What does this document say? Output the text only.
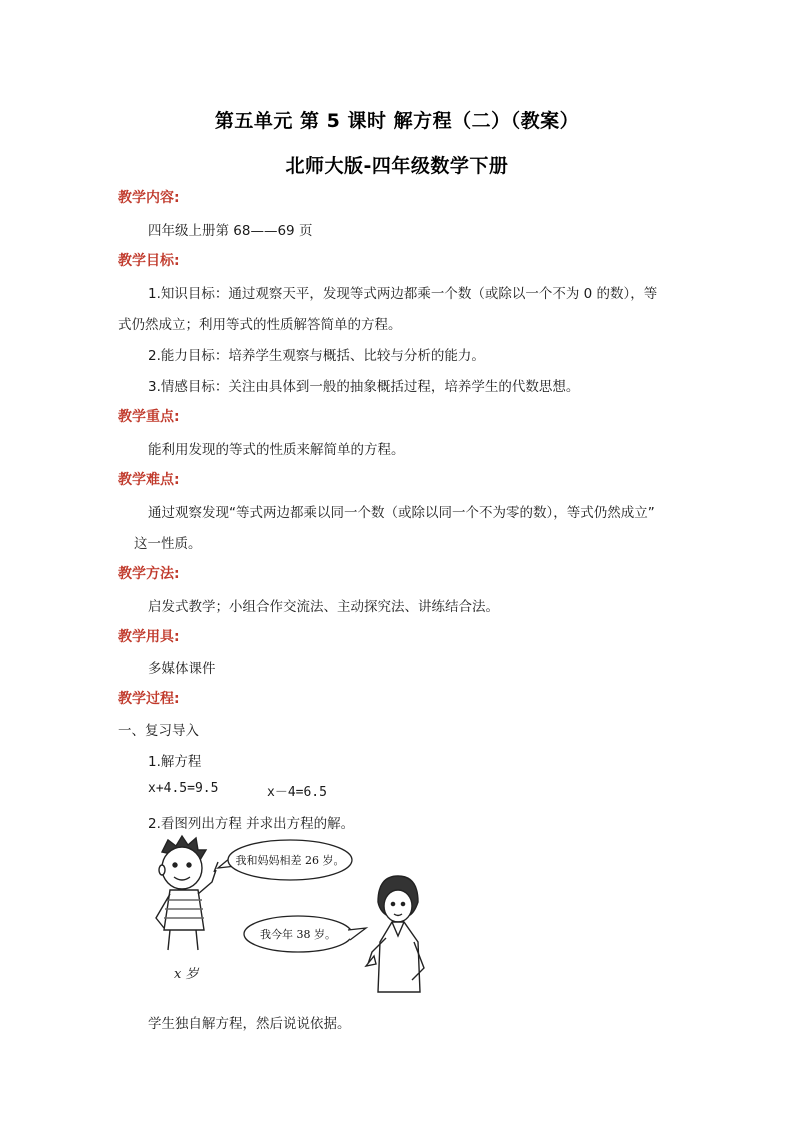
第五单元 第 5 课时 解方程（二）（教案）
北师大版-四年级数学下册
教学内容:
四年级上册第 68——69 页
教学目标:
1.知识目标：通过观察天平，发现等式两边都乘一个数（或除以一个不为 0 的数），等
式仍然成立；利用等式的性质解答简单的方程。
2.能力目标：培养学生观察与概括、比较与分析的能力。
3.情感目标：关注由具体到一般的抽象概括过程，培养学生的代数思想。
教学重点:
能利用发现的等式的性质来解简单的方程。
教学难点:
通过观察发现“等式两边都乘以同一个数（或除以同一个不为零的数），等式仍然成立”
这一性质。
教学方法:
启发式教学；小组合作交流法、主动探究法、讲练结合法。
教学用具:
多媒体课件
教学过程:
一、复习导入
1.解方程
x+4.5=9.5	x－4=6.5
2.看图列出方程 并求出方程的解。
x 岁
我和妈妈相差 26 岁。
我今年 38 岁。
学生独自解方程，然后说说依据。
